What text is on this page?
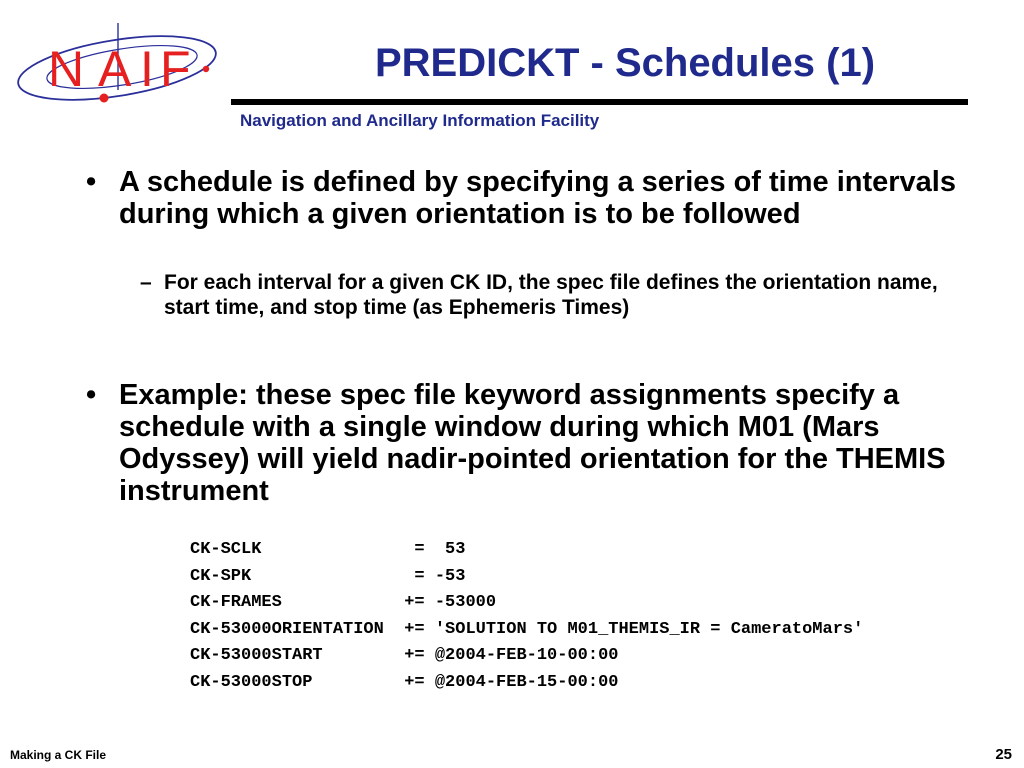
N A I F	PREDICKT - Schedules (1)
Navigation and Ancillary Information Facility
• A schedule is defined by specifying a series of time intervals during which a given orientation is to be followed
– For each interval for a given CK ID, the spec file defines the orientation name, start time, and stop time (as Ephemeris Times)
• Example: these spec file keyword assignments specify a schedule with a single window during which M01 (Mars Odyssey) will yield nadir-pointed orientation for the THEMIS instrument
CK-SCLK               =  53
CK-SPK                = -53
CK-FRAMES            += -53000
CK-53000ORIENTATION  += 'SOLUTION TO M01_THEMIS_IR = CameratoMars'
CK-53000START        += @2004-FEB-10-00:00
CK-53000STOP         += @2004-FEB-15-00:00
Making a CK File	25
